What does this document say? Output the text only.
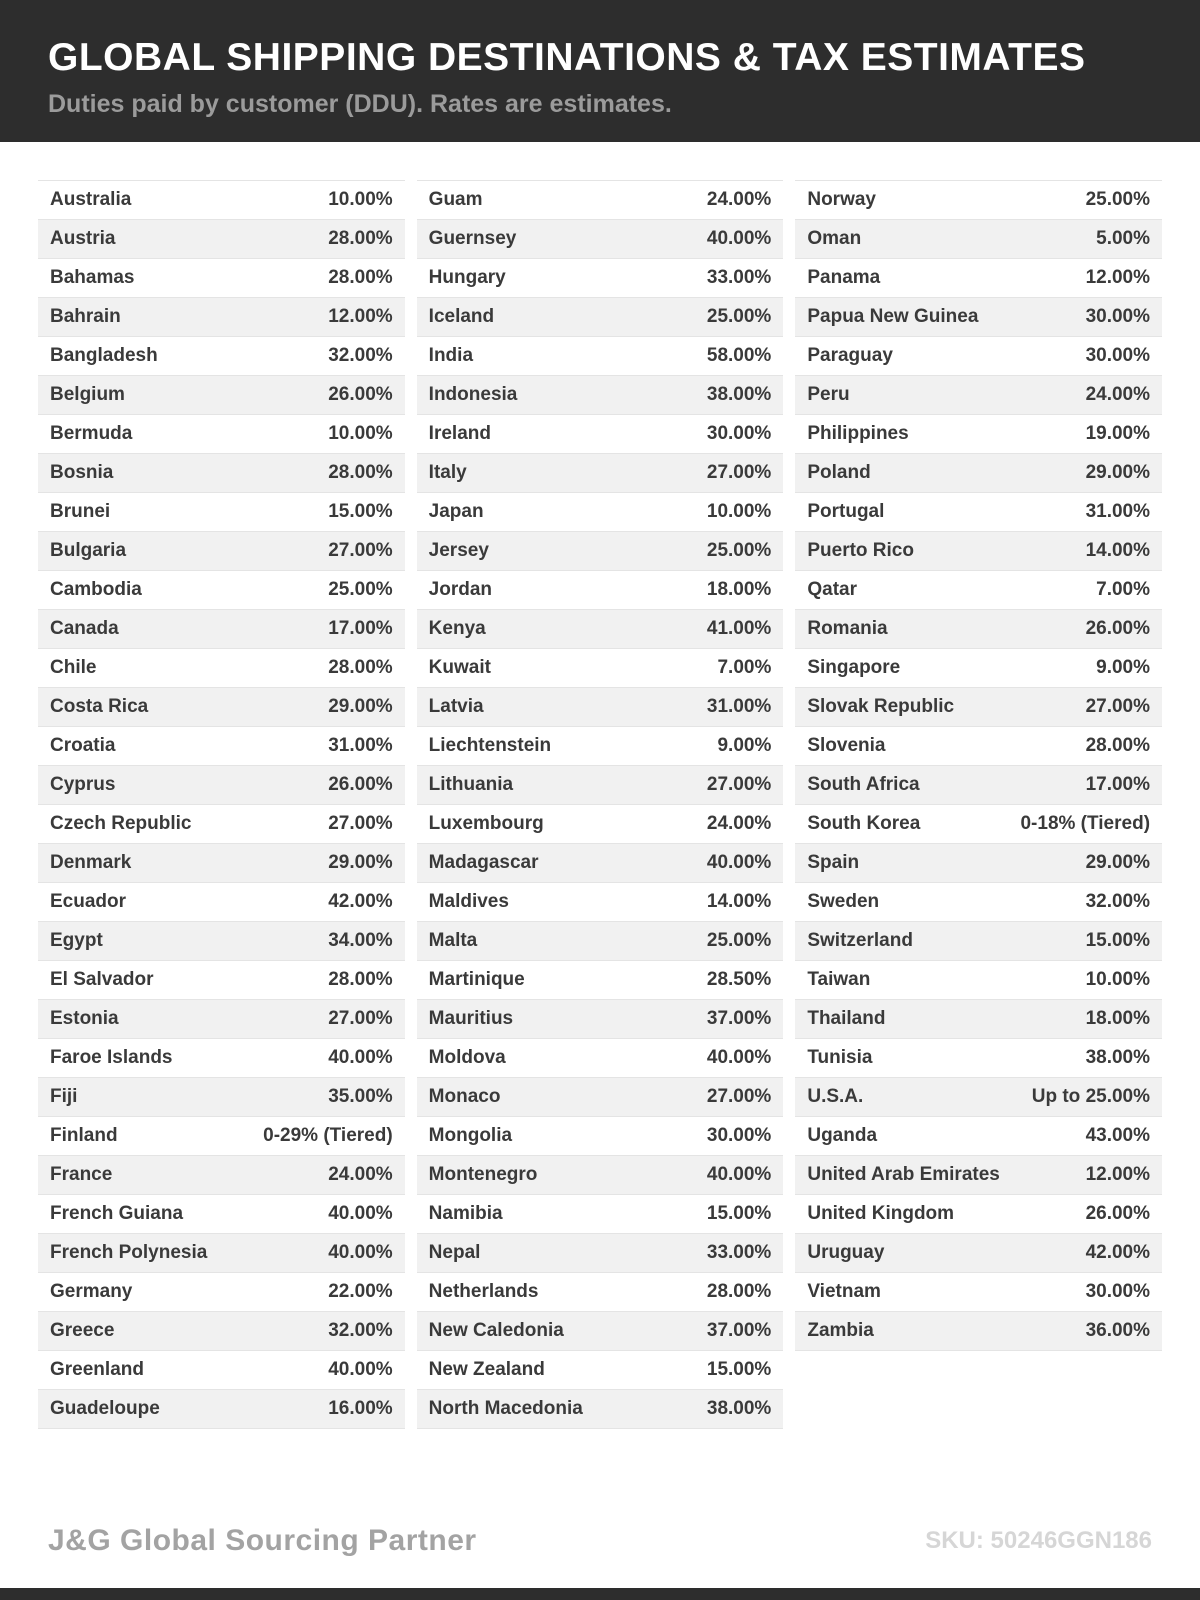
GLOBAL SHIPPING DESTINATIONS & TAX ESTIMATES
Duties paid by customer (DDU). Rates are estimates.
Australia	10.00%
Austria	28.00%
Bahamas	28.00%
Bahrain	12.00%
Bangladesh	32.00%
Belgium	26.00%
Bermuda	10.00%
Bosnia	28.00%
Brunei	15.00%
Bulgaria	27.00%
Cambodia	25.00%
Canada	17.00%
Chile	28.00%
Costa Rica	29.00%
Croatia	31.00%
Cyprus	26.00%
Czech Republic	27.00%
Denmark	29.00%
Ecuador	42.00%
Egypt	34.00%
El Salvador	28.00%
Estonia	27.00%
Faroe Islands	40.00%
Fiji	35.00%
Finland	0-29% (Tiered)
France	24.00%
French Guiana	40.00%
French Polynesia	40.00%
Germany	22.00%
Greece	32.00%
Greenland	40.00%
Guadeloupe	16.00%
Guam	24.00%
Guernsey	40.00%
Hungary	33.00%
Iceland	25.00%
India	58.00%
Indonesia	38.00%
Ireland	30.00%
Italy	27.00%
Japan	10.00%
Jersey	25.00%
Jordan	18.00%
Kenya	41.00%
Kuwait	7.00%
Latvia	31.00%
Liechtenstein	9.00%
Lithuania	27.00%
Luxembourg	24.00%
Madagascar	40.00%
Maldives	14.00%
Malta	25.00%
Martinique	28.50%
Mauritius	37.00%
Moldova	40.00%
Monaco	27.00%
Mongolia	30.00%
Montenegro	40.00%
Namibia	15.00%
Nepal	33.00%
Netherlands	28.00%
New Caledonia	37.00%
New Zealand	15.00%
North Macedonia	38.00%
Norway	25.00%
Oman	5.00%
Panama	12.00%
Papua New Guinea	30.00%
Paraguay	30.00%
Peru	24.00%
Philippines	19.00%
Poland	29.00%
Portugal	31.00%
Puerto Rico	14.00%
Qatar	7.00%
Romania	26.00%
Singapore	9.00%
Slovak Republic	27.00%
Slovenia	28.00%
South Africa	17.00%
South Korea	0-18% (Tiered)
Spain	29.00%
Sweden	32.00%
Switzerland	15.00%
Taiwan	10.00%
Thailand	18.00%
Tunisia	38.00%
U.S.A.	Up to 25.00%
Uganda	43.00%
United Arab Emirates	12.00%
United Kingdom	26.00%
Uruguay	42.00%
Vietnam	30.00%
Zambia	36.00%
J&G Global Sourcing Partner	SKU: 50246GGN186
